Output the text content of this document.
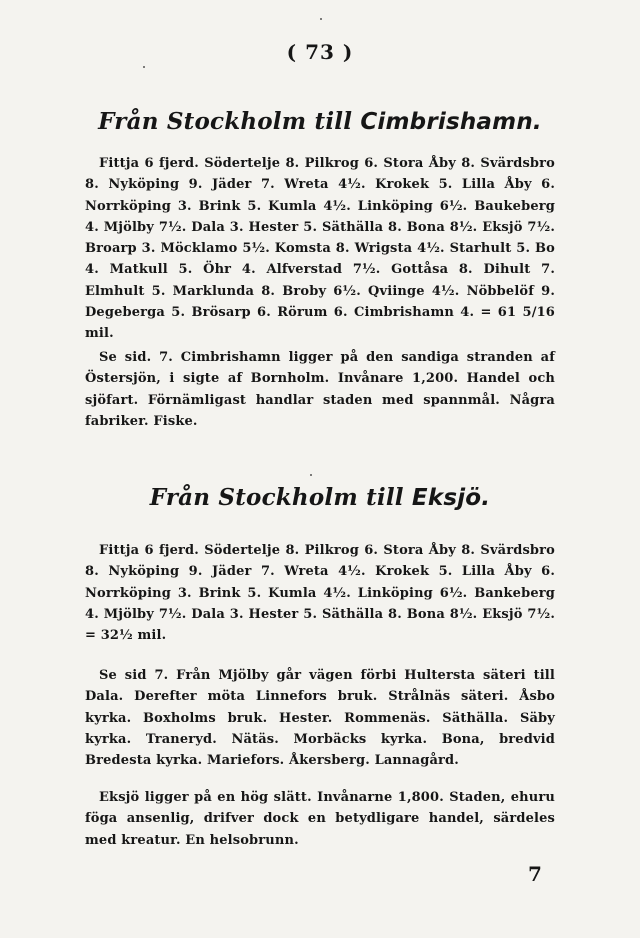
( 73 )
Från Stockholm till Cimbrishamn.
Fittja 6 fjerd. Södertelje 8. Pilkrog 6. Stora Åby 8. Svärdsbro 8. Nyköping 9. Jäder 7. Wreta 4½. Krokek 5. Lilla Åby 6. Norrköping 3. Brink 5. Kumla 4½. Linköping 6½. Baukeberg 4. Mjölby 7½. Dala 3. Hester 5. Säthälla 8. Bona 8½. Eksjö 7½. Broarp 3. Möcklamo 5½. Komsta 8. Wrigsta 4½. Starhult 5. Bo 4. Matkull 5. Öhr 4. Alfverstad 7½. Gottåsa 8. Dihult 7. Elmhult 5. Marklunda 8. Broby 6½. Qviinge 4½. Nöbbelöf 9. Degeberga 5. Brösarp 6. Rörum 6. Cimbrishamn 4. = 61 5/16 mil.
Se sid. 7. Cimbrishamn ligger på den sandiga stranden af Östersjön, i sigte af Bornholm. Invånare 1,200. Handel och sjöfart. Förnämligast handlar staden med spannmål. Några fabriker. Fiske.
Från Stockholm till Eksjö.
Fittja 6 fjerd. Södertelje 8. Pilkrog 6. Stora Åby 8. Svärdsbro 8. Nyköping 9. Jäder 7. Wreta 4½. Krokek 5. Lilla Åby 6. Norrköping 3. Brink 5. Kumla 4½. Linköping 6½. Bankeberg 4. Mjölby 7½. Dala 3. Hester 5. Säthälla 8. Bona 8½. Eksjö 7½. = 32½ mil.
Se sid 7. Från Mjölby går vägen förbi Hultersta säteri till Dala. Derefter möta Linnefors bruk. Strålnäs säteri. Åsbo kyrka. Boxholms bruk. Hester. Rommenäs. Säthälla. Säby kyrka. Traneryd. Nätäs. Morbäcks kyrka. Bona, bredvid Bredesta kyrka. Mariefors. Åkersberg. Lannagård.
Eksjö ligger på en hög slätt. Invånarne 1,800. Staden, ehuru föga ansenlig, drifver dock en betydligare handel, särdeles med kreatur. En helsobrunn.
7
